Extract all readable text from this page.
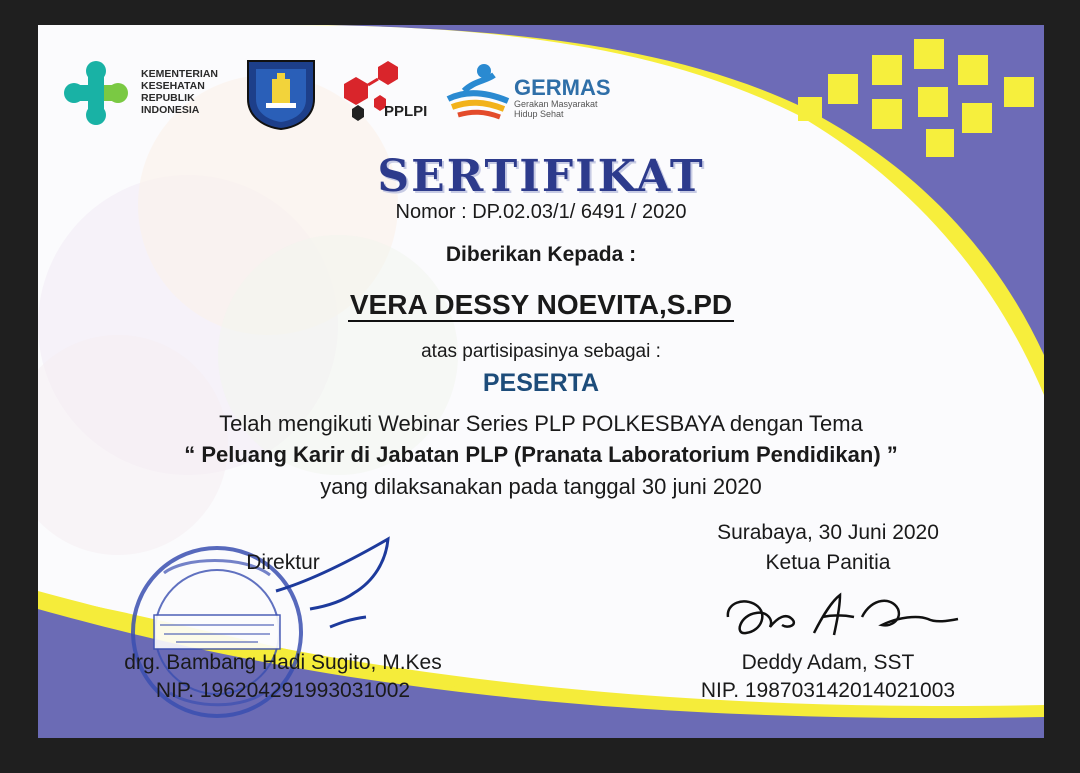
KEMENTERIAN
KESEHATAN
REPUBLIK
INDONESIA	PPLPI
GERMAS
Gerakan Masyarakat
Hidup Sehat
SERTIFIKAT
Nomor : DP.02.03/1/ 6491 / 2020
Diberikan Kepada :
VERA DESSY NOEVITA,S.PD
atas partisipasinya sebagai :
PESERTA
Telah mengikuti Webinar Series PLP POLKESBAYA dengan Tema
“ Peluang Karir di Jabatan PLP (Pranata Laboratorium Pendidikan) ”
yang dilaksanakan pada tanggal 30 juni 2020
Surabaya, 30 Juni 2020
Ketua Panitia
Deddy Adam, SST
NIP. 198703142014021003
Direktur
drg. Bambang Hadi Sugito, M.Kes
NIP. 196204291993031002
